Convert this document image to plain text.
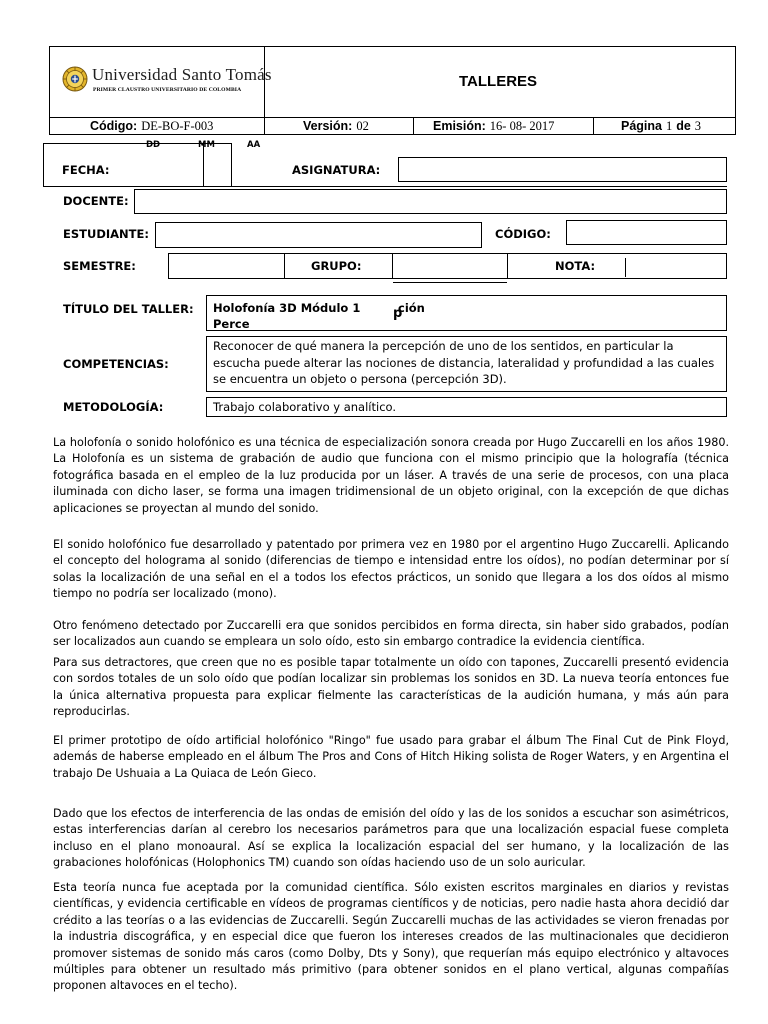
Universidad Santo Tomás
PRIMER CLAUSTRO UNIVERSITARIO DE COLOMBIA	TALLERES
Código: DE-BO-F-003	Versión: 02	Emisión: 16- 08- 2017	Página 1 de 3
DD	MM	AA
FECHA:	ASIGNATURA:
DOCENTE:
ESTUDIANTE:	CÓDIGO:
SEMESTRE:	GRUPO:	NOTA:
TÍTULO DEL TALLER: Holofonía 3D Módulo 1
Perce
p
ción
COMPETENCIAS:
Reconocer de qué manera la percepción de uno de los sentidos, en particular la escucha puede alterar las nociones de distancia, lateralidad y profundidad a las cuales se encuentra un objeto o persona (percepción 3D).
METODOLOGÍA:	Trabajo colaborativo y analítico.

La holofonía o sonido holofónico es una técnica de especialización sonora creada por Hugo Zuccarelli en los años 1980. La Holofonía es un sistema de grabación de audio que funciona con el mismo principio que la holografía (técnica fotográfica basada en el empleo de la luz producida por un láser. A través de una serie de procesos, con una placa iluminada con dicho laser, se forma una imagen tridimensional de un objeto original, con la excepción de que dichas aplicaciones se proyectan al mundo del sonido.

El sonido holofónico fue desarrollado y patentado por primera vez en 1980 por el argentino Hugo Zuccarelli. Aplicando el concepto del holograma al sonido (diferencias de tiempo e intensidad entre los oídos), no podían determinar por sí solas la localización de una señal en el a todos los efectos prácticos, un sonido que llegara a los dos oídos al mismo tiempo no podría ser localizado (mono).

Otro fenómeno detectado por Zuccarelli era que sonidos percibidos en forma directa, sin haber sido grabados, podían ser localizados aun cuando se empleara un solo oído, esto sin embargo contradice la evidencia científica.

Para sus detractores, que creen que no es posible tapar totalmente un oído con tapones, Zuccarelli presentó evidencia con sordos totales de un solo oído que podían localizar sin problemas los sonidos en 3D. La nueva teoría entonces fue la única alternativa propuesta para explicar fielmente las características de la audición humana, y más aún para reproducirlas.

El primer prototipo de oído artificial holofónico "Ringo" fue usado para grabar el álbum The Final Cut de Pink Floyd, además de haberse empleado en el álbum The Pros and Cons of Hitch Hiking solista de Roger Waters, y en Argentina el trabajo De Ushuaia a La Quiaca de León Gieco.

Dado que los efectos de interferencia de las ondas de emisión del oído y las de los sonidos a escuchar son asimétricos, estas interferencias darían al cerebro los necesarios parámetros para que una localización espacial fuese completa incluso en el plano monoaural. Así se explica la localización espacial del ser humano, y la localización de las grabaciones holofónicas (Holophonics TM) cuando son oídas haciendo uso de un solo auricular.

Esta teoría nunca fue aceptada por la comunidad científica. Sólo existen escritos marginales en diarios y revistas científicas, y evidencia certificable en vídeos de programas científicos y de noticias, pero nadie hasta ahora decidió dar crédito a las teorías o a las evidencias de Zuccarelli. Según Zuccarelli muchas de las actividades se vieron frenadas por la industria discográfica, y en especial dice que fueron los intereses creados de las multinacionales que decidieron promover sistemas de sonido más caros (como Dolby, Dts y Sony), que requerían más equipo electrónico y altavoces múltiples para obtener un resultado más primitivo (para obtener sonidos en el plano vertical, algunas compañías proponen altavoces en el techo).
